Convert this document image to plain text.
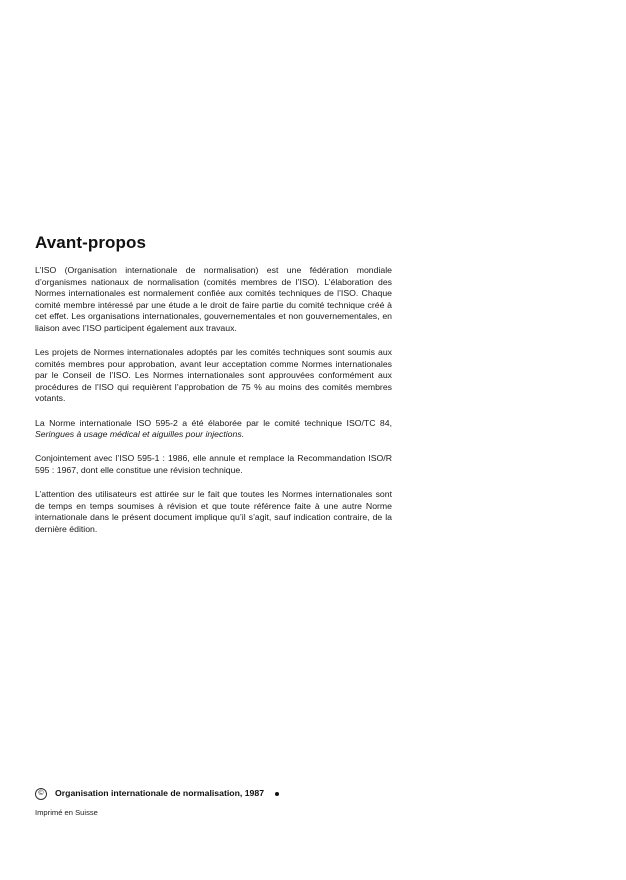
Avant-propos

L’ISO (Organisation internationale de normalisation) est une fédération mondiale d’organismes nationaux de normalisation (comités membres de l’ISO). L’élaboration des Normes internationales est normalement confiée aux comités techniques de l’ISO. Chaque comité membre intéressé par une étude a le droit de faire partie du comité technique créé à cet effet. Les organisations internationales, gouvernementales et non gouvernementales, en liaison avec l’ISO participent également aux travaux.

Les projets de Normes internationales adoptés par les comités techniques sont soumis aux comités membres pour approbation, avant leur acceptation comme Normes internationales par le Conseil de l’ISO. Les Normes internationales sont approuvées conformément aux procédures de l’ISO qui requièrent l’approbation de 75 % au moins des comités membres votants.

La Norme internationale ISO 595-2 a été élaborée par le comité technique ISO/TC 84, Seringues à usage médical et aiguilles pour injections.

Conjointement avec l’ISO 595-1 : 1986, elle annule et remplace la Recommandation ISO/R 595 : 1967, dont elle constitue une révision technique.

L’attention des utilisateurs est attirée sur le fait que toutes les Normes internationales sont de temps en temps soumises à révision et que toute référence faite à une autre Norme internationale dans le présent document implique qu’il s’agit, sauf indication contraire, de la dernière édition.

© Organisation internationale de normalisation, 1987
Imprimé en Suisse
